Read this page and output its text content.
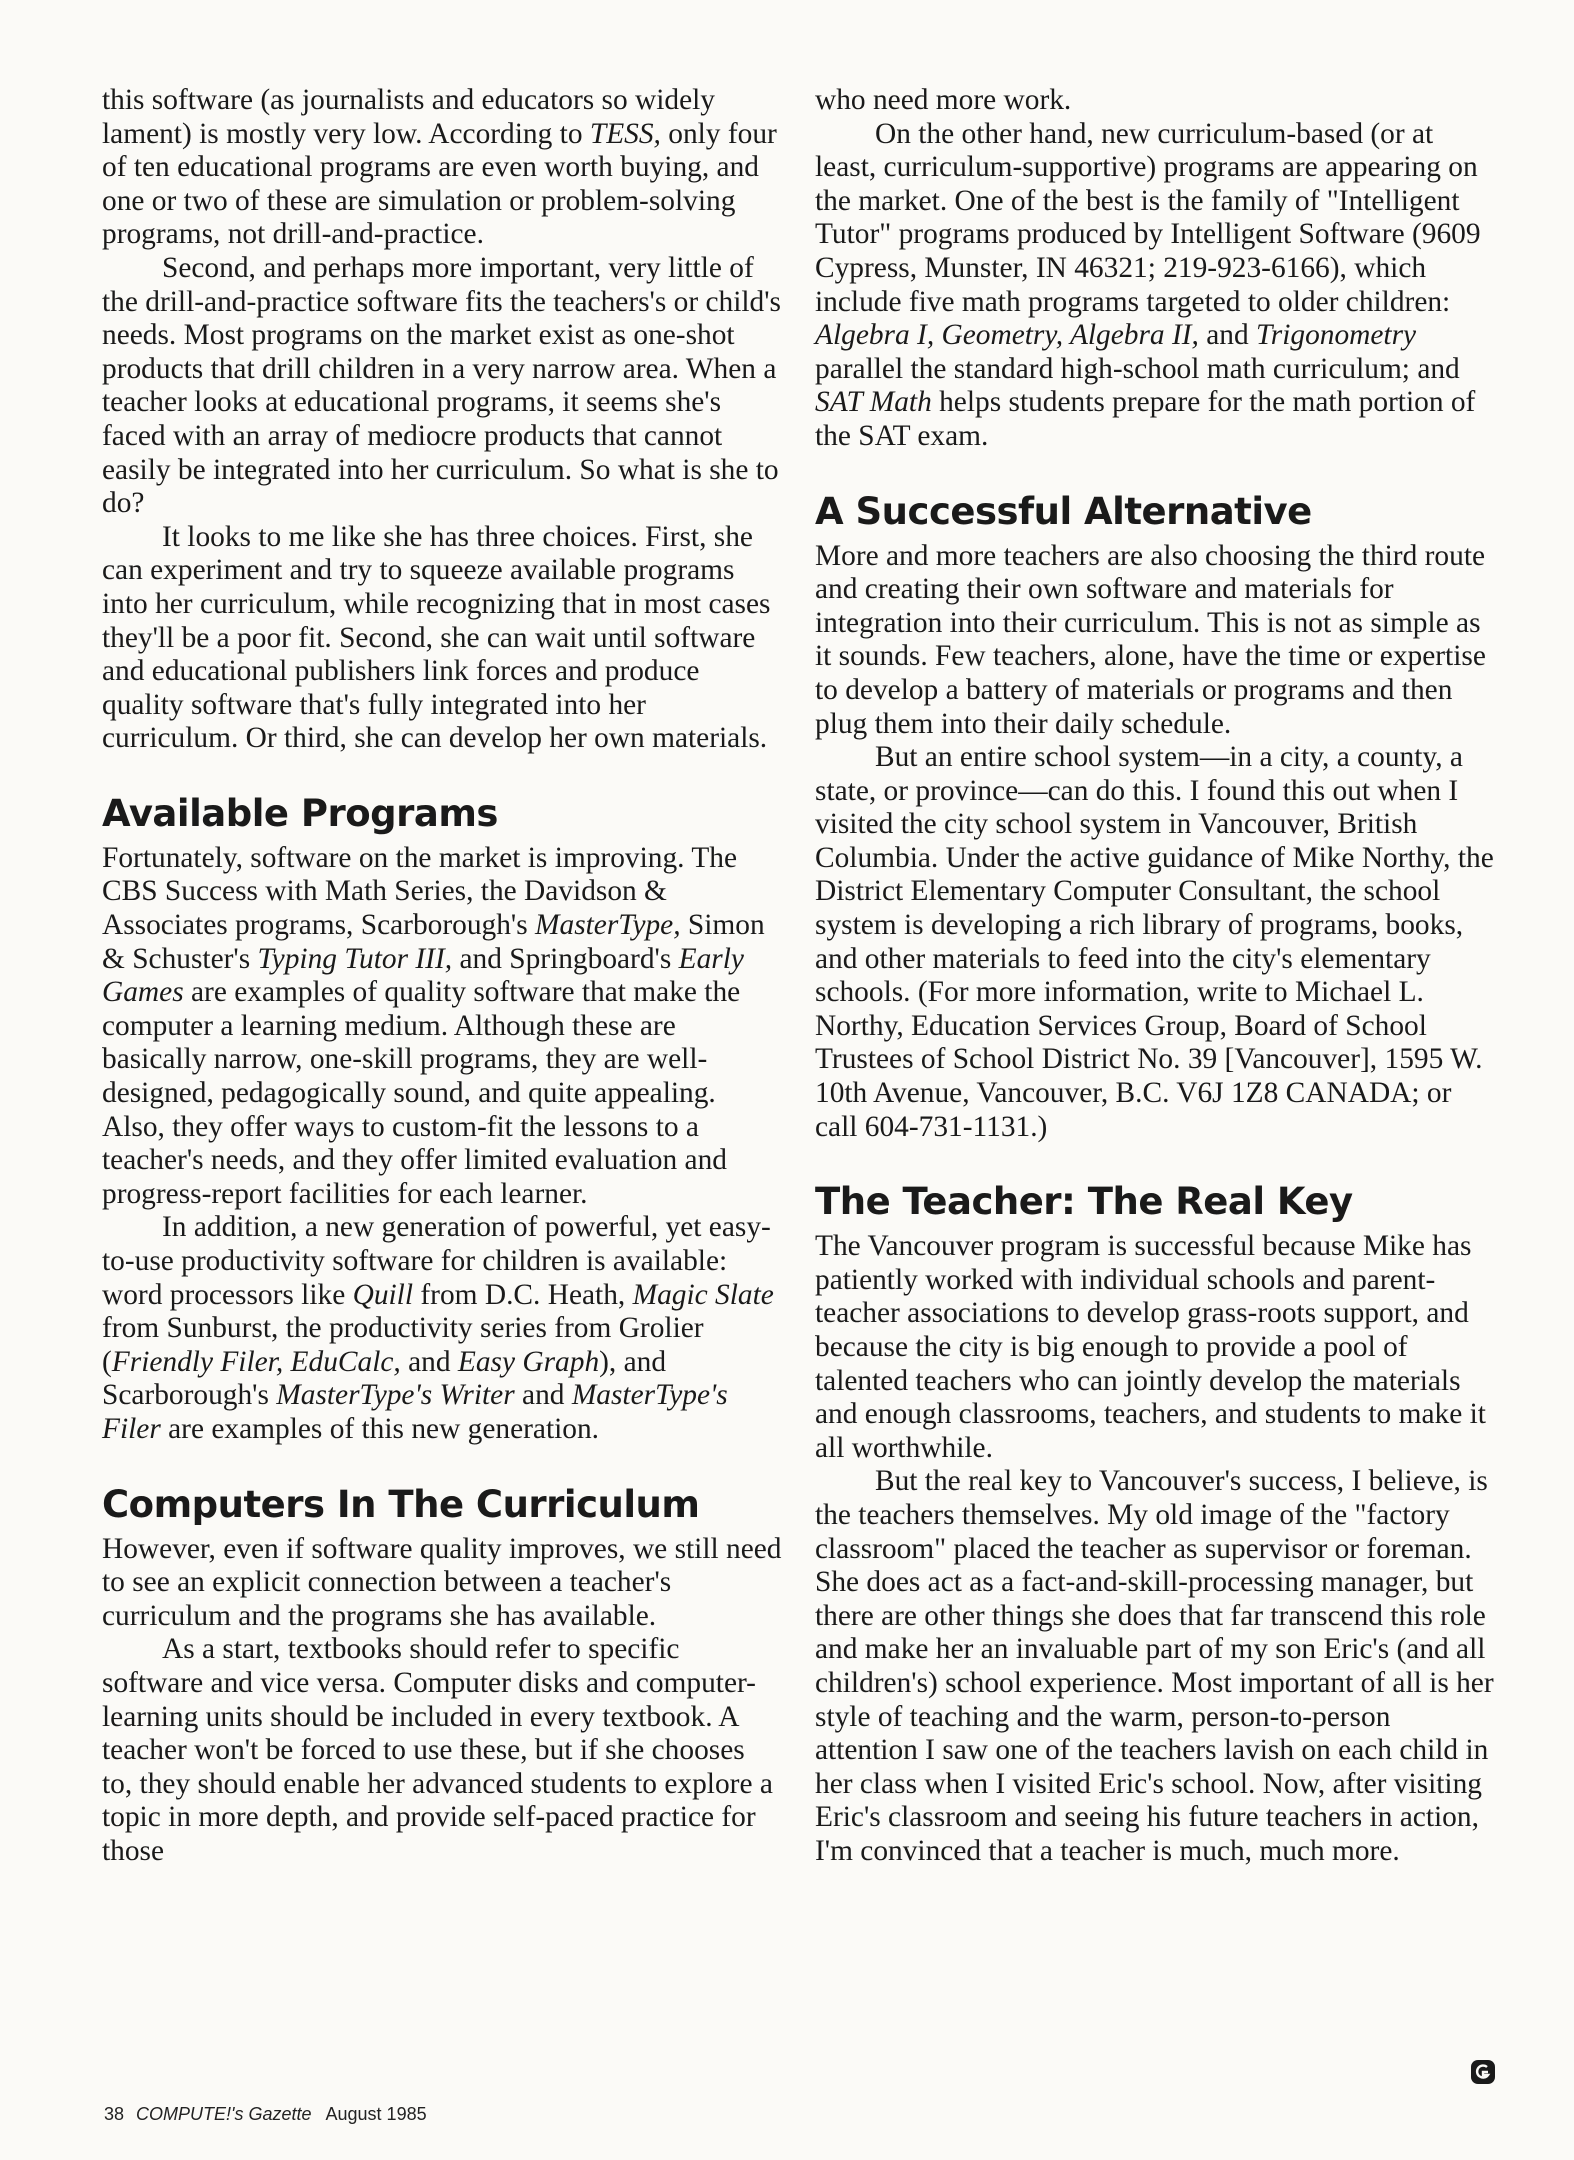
this software (as journalists and educators so widely lament) is mostly very low. According to TESS, only four of ten educational programs are even worth buying, and one or two of these are simulation or problem-solving programs, not drill-and-practice.

Second, and perhaps more important, very little of the drill-and-practice software fits the teachers's or child's needs. Most programs on the market exist as one-shot products that drill children in a very narrow area. When a teacher looks at educational programs, it seems she's faced with an array of mediocre products that cannot easily be integrated into her curriculum. So what is she to do?

It looks to me like she has three choices. First, she can experiment and try to squeeze available programs into her curriculum, while recognizing that in most cases they'll be a poor fit. Second, she can wait until software and educational publishers link forces and produce quality software that's fully integrated into her curriculum. Or third, she can develop her own materials.

Available Programs

Fortunately, software on the market is improving. The CBS Success with Math Series, the Davidson & Associates programs, Scarborough's MasterType, Simon & Schuster's Typing Tutor III, and Springboard's Early Games are examples of quality software that make the computer a learning medium. Although these are basically narrow, one-skill programs, they are well-designed, pedagogically sound, and quite appealing. Also, they offer ways to custom-fit the lessons to a teacher's needs, and they offer limited evaluation and progress-report facilities for each learner.

In addition, a new generation of powerful, yet easy-to-use productivity software for children is available: word processors like Quill from D.C. Heath, Magic Slate from Sunburst, the productivity series from Grolier (Friendly Filer, EduCalc, and Easy Graph), and Scarborough's MasterType's Writer and MasterType's Filer are examples of this new generation.

Computers In The Curriculum

However, even if software quality improves, we still need to see an explicit connection between a teacher's curriculum and the programs she has available.

As a start, textbooks should refer to specific software and vice versa. Computer disks and computer-learning units should be included in every textbook. A teacher won't be forced to use these, but if she chooses to, they should enable her advanced students to explore a topic in more depth, and provide self-paced practice for those

who need more work.

On the other hand, new curriculum-based (or at least, curriculum-supportive) programs are appearing on the market. One of the best is the family of "Intelligent Tutor" programs produced by Intelligent Software (9609 Cypress, Munster, IN 46321; 219-923-6166), which include five math programs targeted to older children: Algebra I, Geometry, Algebra II, and Trigonometry parallel the standard high-school math curriculum; and SAT Math helps students prepare for the math portion of the SAT exam.

A Successful Alternative

More and more teachers are also choosing the third route and creating their own software and materials for integration into their curriculum. This is not as simple as it sounds. Few teachers, alone, have the time or expertise to develop a battery of materials or programs and then plug them into their daily schedule.

But an entire school system—in a city, a county, a state, or province—can do this. I found this out when I visited the city school system in Vancouver, British Columbia. Under the active guidance of Mike Northy, the District Elementary Computer Consultant, the school system is developing a rich library of programs, books, and other materials to feed into the city's elementary schools. (For more information, write to Michael L. Northy, Education Services Group, Board of School Trustees of School District No. 39 [Vancouver], 1595 W. 10th Avenue, Vancouver, B.C. V6J 1Z8 CANADA; or call 604-731-1131.)

The Teacher: The Real Key

The Vancouver program is successful because Mike has patiently worked with individual schools and parent-teacher associations to develop grass-roots support, and because the city is big enough to provide a pool of talented teachers who can jointly develop the materials and enough classrooms, teachers, and students to make it all worthwhile.

But the real key to Vancouver's success, I believe, is the teachers themselves. My old image of the "factory classroom" placed the teacher as supervisor or foreman. She does act as a fact-and-skill-processing manager, but there are other things she does that far transcend this role and make her an invaluable part of my son Eric's (and all children's) school experience. Most important of all is her style of teaching and the warm, person-to-person attention I saw one of the teachers lavish on each child in her class when I visited Eric's school. Now, after visiting Eric's classroom and seeing his future teachers in action, I'm convinced that a teacher is much, much more.

38 COMPUTE!'s Gazette August 1985
